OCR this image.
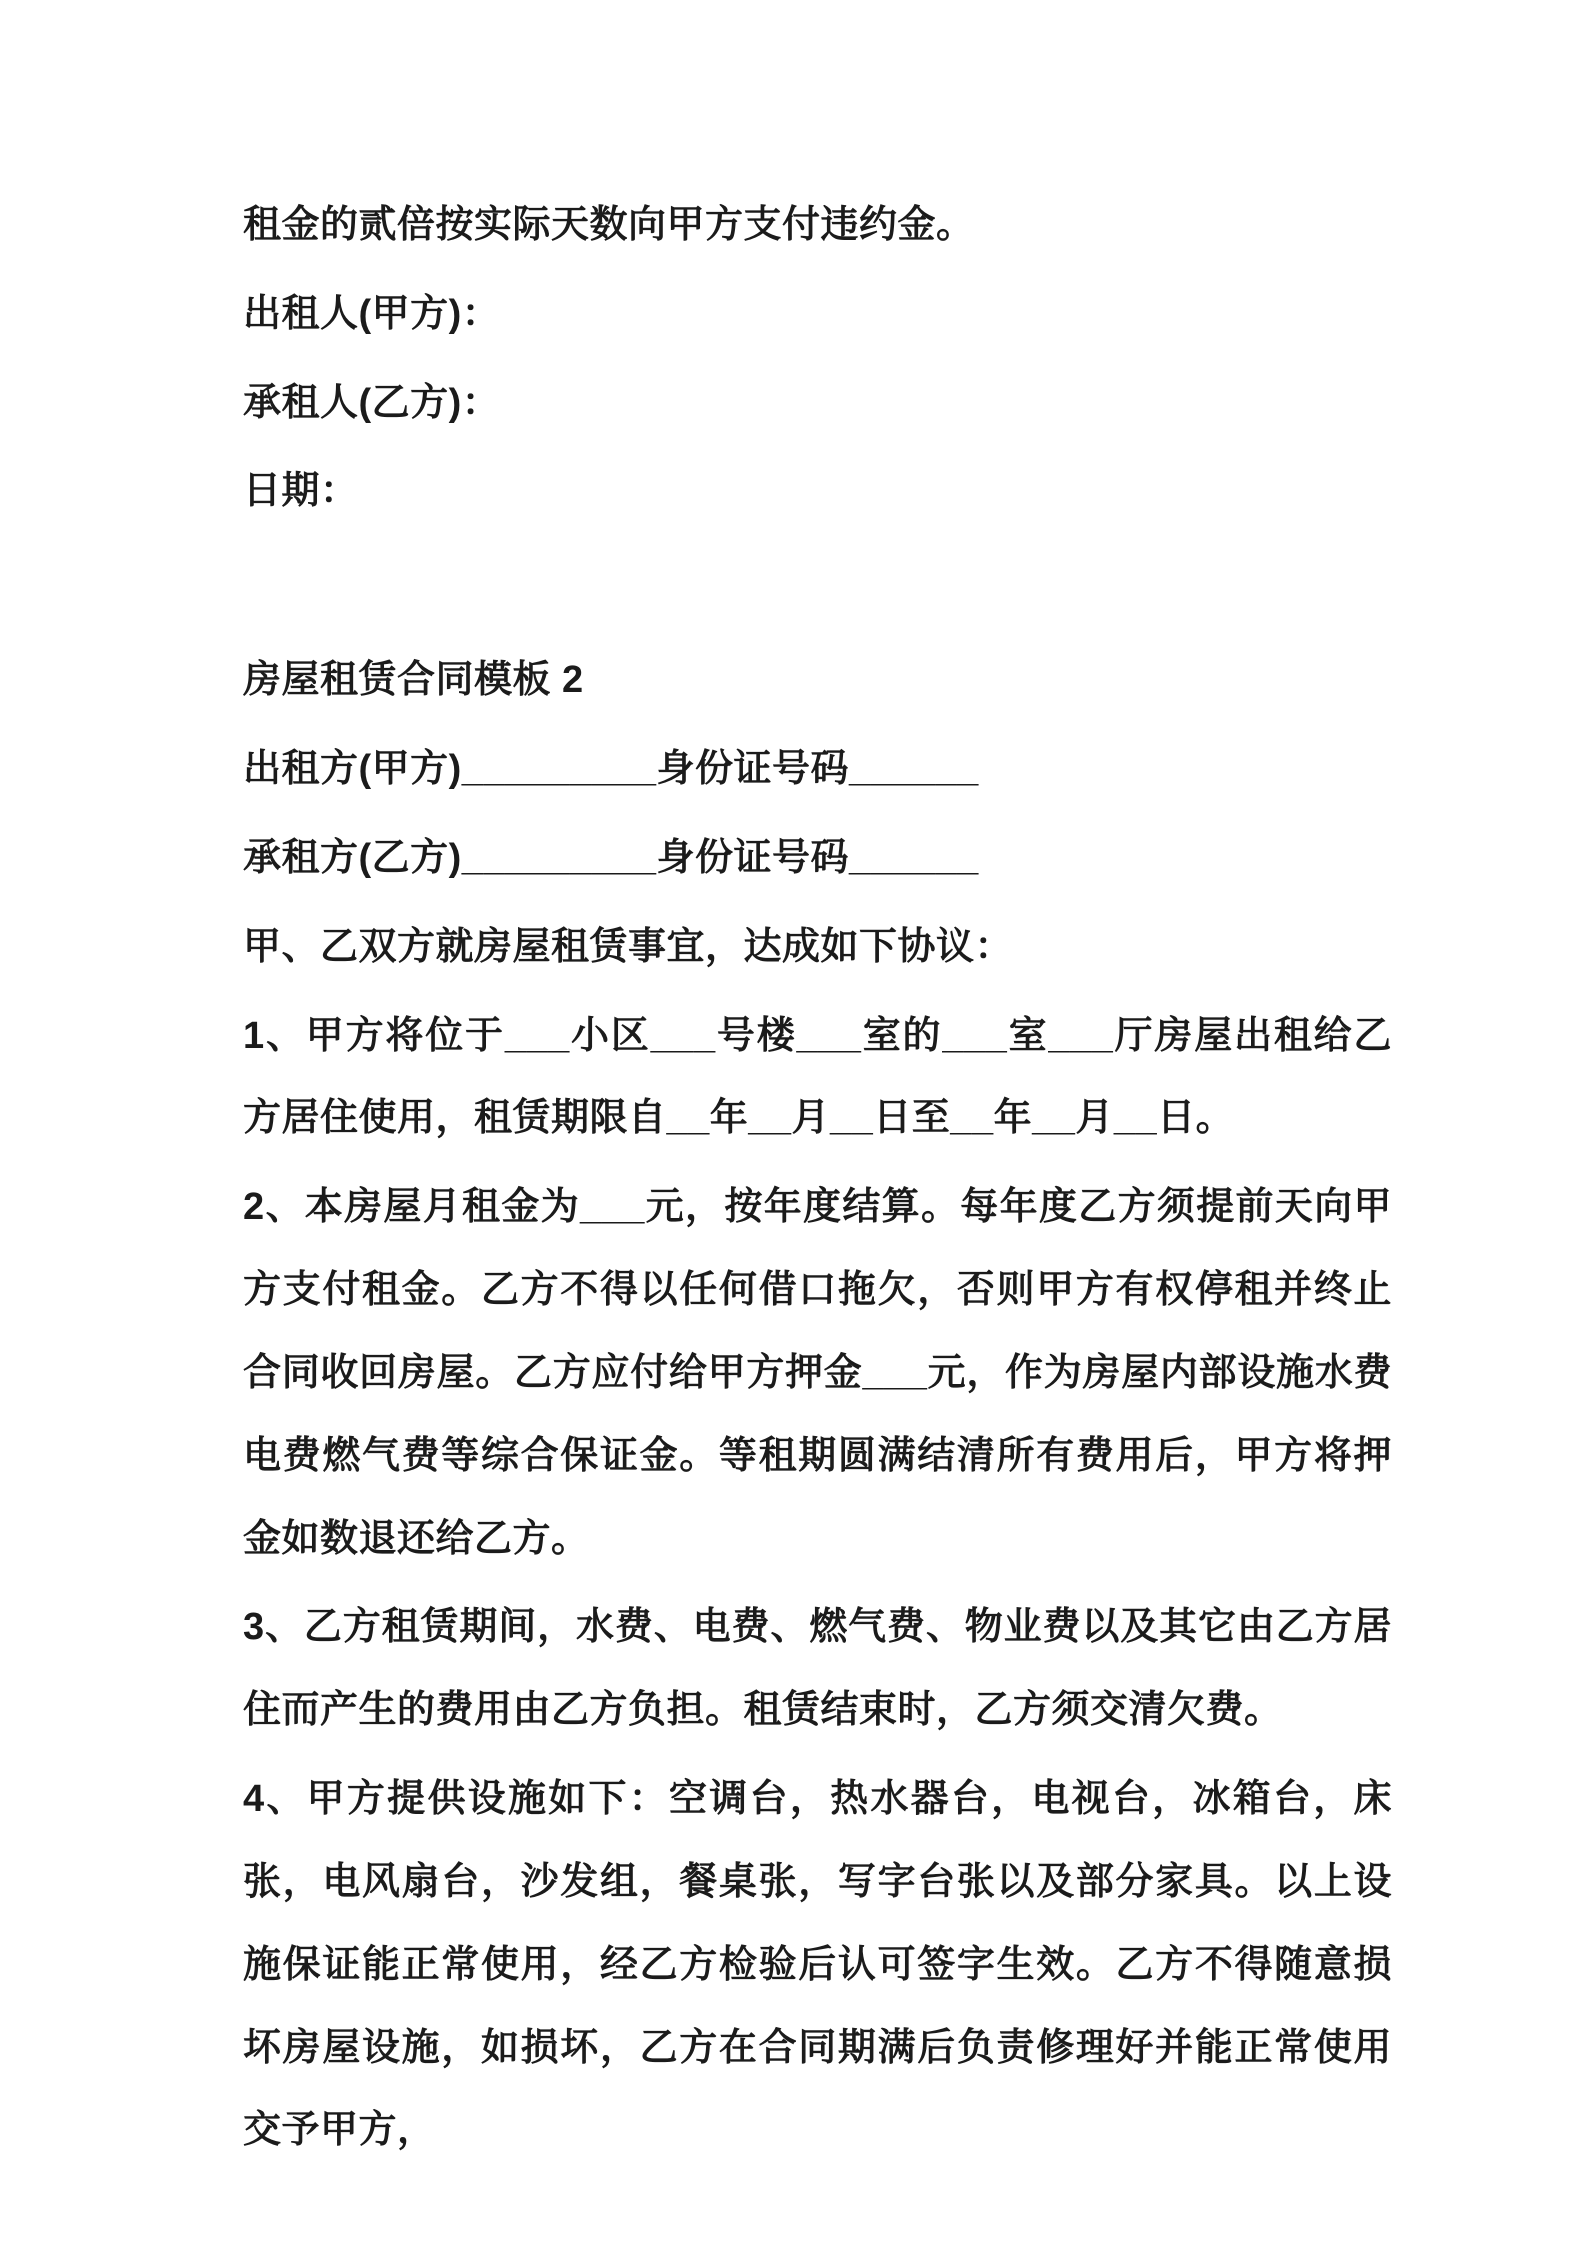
租金的贰倍按实际天数向甲方支付违约金。

出租人(甲方)：

承租人(乙方)：

日期：

房屋租赁合同模板 2

出租方(甲方)_________身份证号码______

承租方(乙方)_________身份证号码______

甲、乙双方就房屋租赁事宜，达成如下协议：

1、甲方将位于___小区___号楼___室的___室___厅房屋出租给乙方居住使用，租赁期限自__年__月__日至__年__月__日。

2、本房屋月租金为___元，按年度结算。每年度乙方须提前天向甲方支付租金。乙方不得以任何借口拖欠，否则甲方有权停租并终止合同收回房屋。乙方应付给甲方押金___元，作为房屋内部设施水费电费燃气费等综合保证金。等租期圆满结清所有费用后，甲方将押金如数退还给乙方。

3、乙方租赁期间，水费、电费、燃气费、物业费以及其它由乙方居住而产生的费用由乙方负担。租赁结束时，乙方须交清欠费。

4、甲方提供设施如下：空调台，热水器台，电视台，冰箱台，床张，电风扇台，沙发组，餐桌张，写字台张以及部分家具。以上设施保证能正常使用，经乙方检验后认可签字生效。乙方不得随意损坏房屋设施，如损坏，乙方在合同期满后负责修理好并能正常使用交予甲方，
